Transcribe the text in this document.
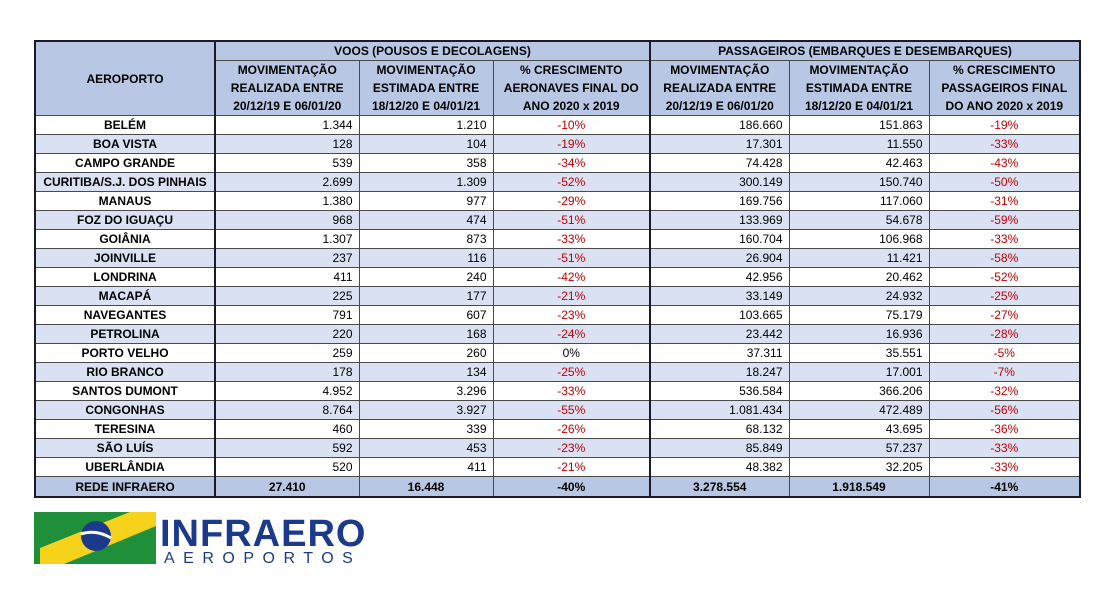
AEROPORTO	VOOS (POUSOS E DECOLAGENS)			PASSAGEIROS (EMBARQUES E DESEMBARQUES)		
	MOVIMENTAÇÃO REALIZADA ENTRE 20/12/19 E 06/01/20	MOVIMENTAÇÃO ESTIMADA ENTRE 18/12/20 E 04/01/21	% CRESCIMENTO AERONAVES FINAL DO ANO 2020 x 2019	MOVIMENTAÇÃO REALIZADA ENTRE 20/12/19 E 06/01/20	MOVIMENTAÇÃO ESTIMADA ENTRE 18/12/20 E 04/01/21	% CRESCIMENTO PASSAGEIROS FINAL DO ANO 2020 x 2019
BELÉM	1.344	1.210	-10%	186.660	151.863	-19%
BOA VISTA	128	104	-19%	17.301	11.550	-33%
CAMPO GRANDE	539	358	-34%	74.428	42.463	-43%
CURITIBA/S.J. DOS PINHAIS	2.699	1.309	-52%	300.149	150.740	-50%
MANAUS	1.380	977	-29%	169.756	117.060	-31%
FOZ DO IGUAÇU	968	474	-51%	133.969	54.678	-59%
GOIÂNIA	1.307	873	-33%	160.704	106.968	-33%
JOINVILLE	237	116	-51%	26.904	11.421	-58%
LONDRINA	411	240	-42%	42.956	20.462	-52%
MACAPÁ	225	177	-21%	33.149	24.932	-25%
NAVEGANTES	791	607	-23%	103.665	75.179	-27%
PETROLINA	220	168	-24%	23.442	16.936	-28%
PORTO VELHO	259	260	0%	37.311	35.551	-5%
RIO BRANCO	178	134	-25%	18.247	17.001	-7%
SANTOS DUMONT	4.952	3.296	-33%	536.584	366.206	-32%
CONGONHAS	8.764	3.927	-55%	1.081.434	472.489	-56%
TERESINA	460	339	-26%	68.132	43.695	-36%
SÃO LUÍS	592	453	-23%	85.849	57.237	-33%
UBERLÂNDIA	520	411	-21%	48.382	32.205	-33%
REDE INFRAERO	27.410	16.448	-40%	3.278.554	1.918.549	-41%
INFRAERO
AEROPORTOS
